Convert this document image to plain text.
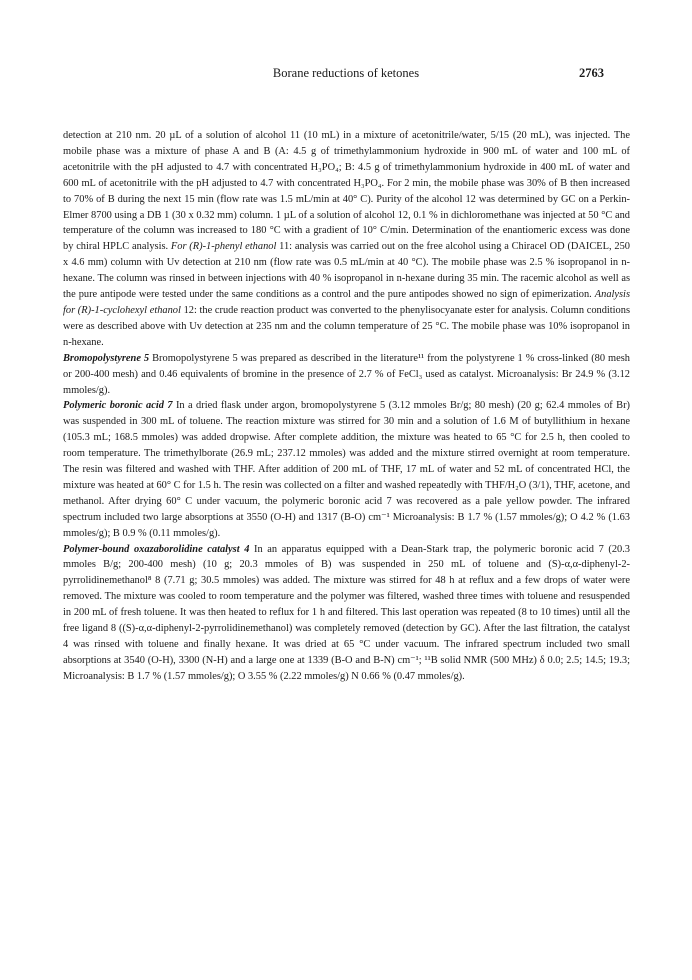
Borane reductions of ketones	2763

detection at 210 nm. 20 µL of a solution of alcohol 11 (10 mL) in a mixture of acetonitrile/water, 5/15 (20 mL), was injected. The mobile phase was a mixture of phase A and B (A: 4.5 g of trimethylammonium hydroxide in 900 mL of water and 100 mL of acetonitrile with the pH adjusted to 4.7 with concentrated H₃PO₄; B: 4.5 g of trimethylammonium hydroxide in 400 mL of water and 600 mL of acetonitrile with the pH adjusted to 4.7 with concentrated H₃PO₄. For 2 min, the mobile phase was 30% of B then increased to 70% of B during the next 15 min (flow rate was 1.5 mL/min at 40° C). Purity of the alcohol 12 was determined by GC on a Perkin-Elmer 8700 using a DB 1 (30 x 0.32 mm) column. 1 µL of a solution of alcohol 12, 0.1 % in dichloromethane was injected at 50 °C and temperature of the column was increased to 180 °C with a gradient of 10° C/min. Determination of the enantiomeric excess was done by chiral HPLC analysis. For (R)-1-phenyl ethanol 11: analysis was carried out on the free alcohol using a Chiracel OD (DAICEL, 250 x 4.6 mm) column with Uv detection at 210 nm (flow rate was 0.5 mL/min at 40 °C). The mobile phase was 2.5 % isopropanol in n-hexane. The column was rinsed in between injections with 40 % isopropanol in n-hexane during 35 min. The racemic alcohol as well as the pure antipode were tested under the same conditions as a control and the pure antipodes showed no sign of epimerization. Analysis for (R)-1-cyclohexyl ethanol 12: the crude reaction product was converted to the phenylisocyanate ester for analysis. Column conditions were as described above with Uv detection at 235 nm and the column temperature of 25 °C. The mobile phase was 10% isopropanol in n-hexane.

Bromopolystyrene 5 Bromopolystyrene 5 was prepared as described in the literature¹¹ from the polystyrene 1 % cross-linked (80 mesh or 200-400 mesh) and 0.46 equivalents of bromine in the presence of 2.7 % of FeCl₃ used as catalyst. Microanalysis: Br 24.9 % (3.12 mmoles/g).

Polymeric boronic acid 7 In a dried flask under argon, bromopolystyrene 5 (3.12 mmoles Br/g; 80 mesh) (20 g; 62.4 mmoles of Br) was suspended in 300 mL of toluene. The reaction mixture was stirred for 30 min and a solution of 1.6 M of butyllithium in hexane (105.3 mL; 168.5 mmoles) was added dropwise. After complete addition, the mixture was heated to 65 °C for 2.5 h, then cooled to room temperature. The trimethylborate (26.9 mL; 237.12 mmoles) was added and the mixture stirred overnight at room temperature. The resin was filtered and washed with THF. After addition of 200 mL of THF, 17 mL of water and 52 mL of concentrated HCl, the mixture was heated at 60° C for 1.5 h. The resin was collected on a filter and washed repeatedly with THF/H₂O (3/1), THF, acetone, and methanol. After drying 60° C under vacuum, the polymeric boronic acid 7 was recovered as a pale yellow powder. The infrared spectrum included two large absorptions at 3550 (O-H) and 1317 (B-O) cm⁻¹ Microanalysis: B 1.7 % (1.57 mmoles/g); O 4.2 % (1.63 mmoles/g); B 0.9 % (0.11 mmoles/g).

Polymer-bound oxazaborolidine catalyst 4 In an apparatus equipped with a Dean-Stark trap, the polymeric boronic acid 7 (20.3 mmoles B/g; 200-400 mesh) (10 g; 20.3 mmoles of B) was suspended in 250 mL of toluene and (S)-α,α-diphenyl-2-pyrrolidinemethanol⁸ 8 (7.71 g; 30.5 mmoles) was added. The mixture was stirred for 48 h at reflux and a few drops of water were removed. The mixture was cooled to room temperature and the polymer was filtered, washed three times with toluene and resuspended in 200 mL of fresh toluene. It was then heated to reflux for 1 h and filtered. This last operation was repeated (8 to 10 times) until all the free ligand 8 ((S)-α,α-diphenyl-2-pyrrolidinemethanol) was completely removed (detection by GC). After the last filtration, the catalyst 4 was rinsed with toluene and finally hexane. It was dried at 65 °C under vacuum. The infrared spectrum included two small absorptions at 3540 (O-H), 3300 (N-H) and a large one at 1339 (B-O and B-N) cm⁻¹; ¹¹B solid NMR (500 MHz) δ 0.0; 2.5; 14.5; 19.3; Microanalysis: B 1.7 % (1.57 mmoles/g); O 3.55 % (2.22 mmoles/g) N 0.66 % (0.47 mmoles/g).
